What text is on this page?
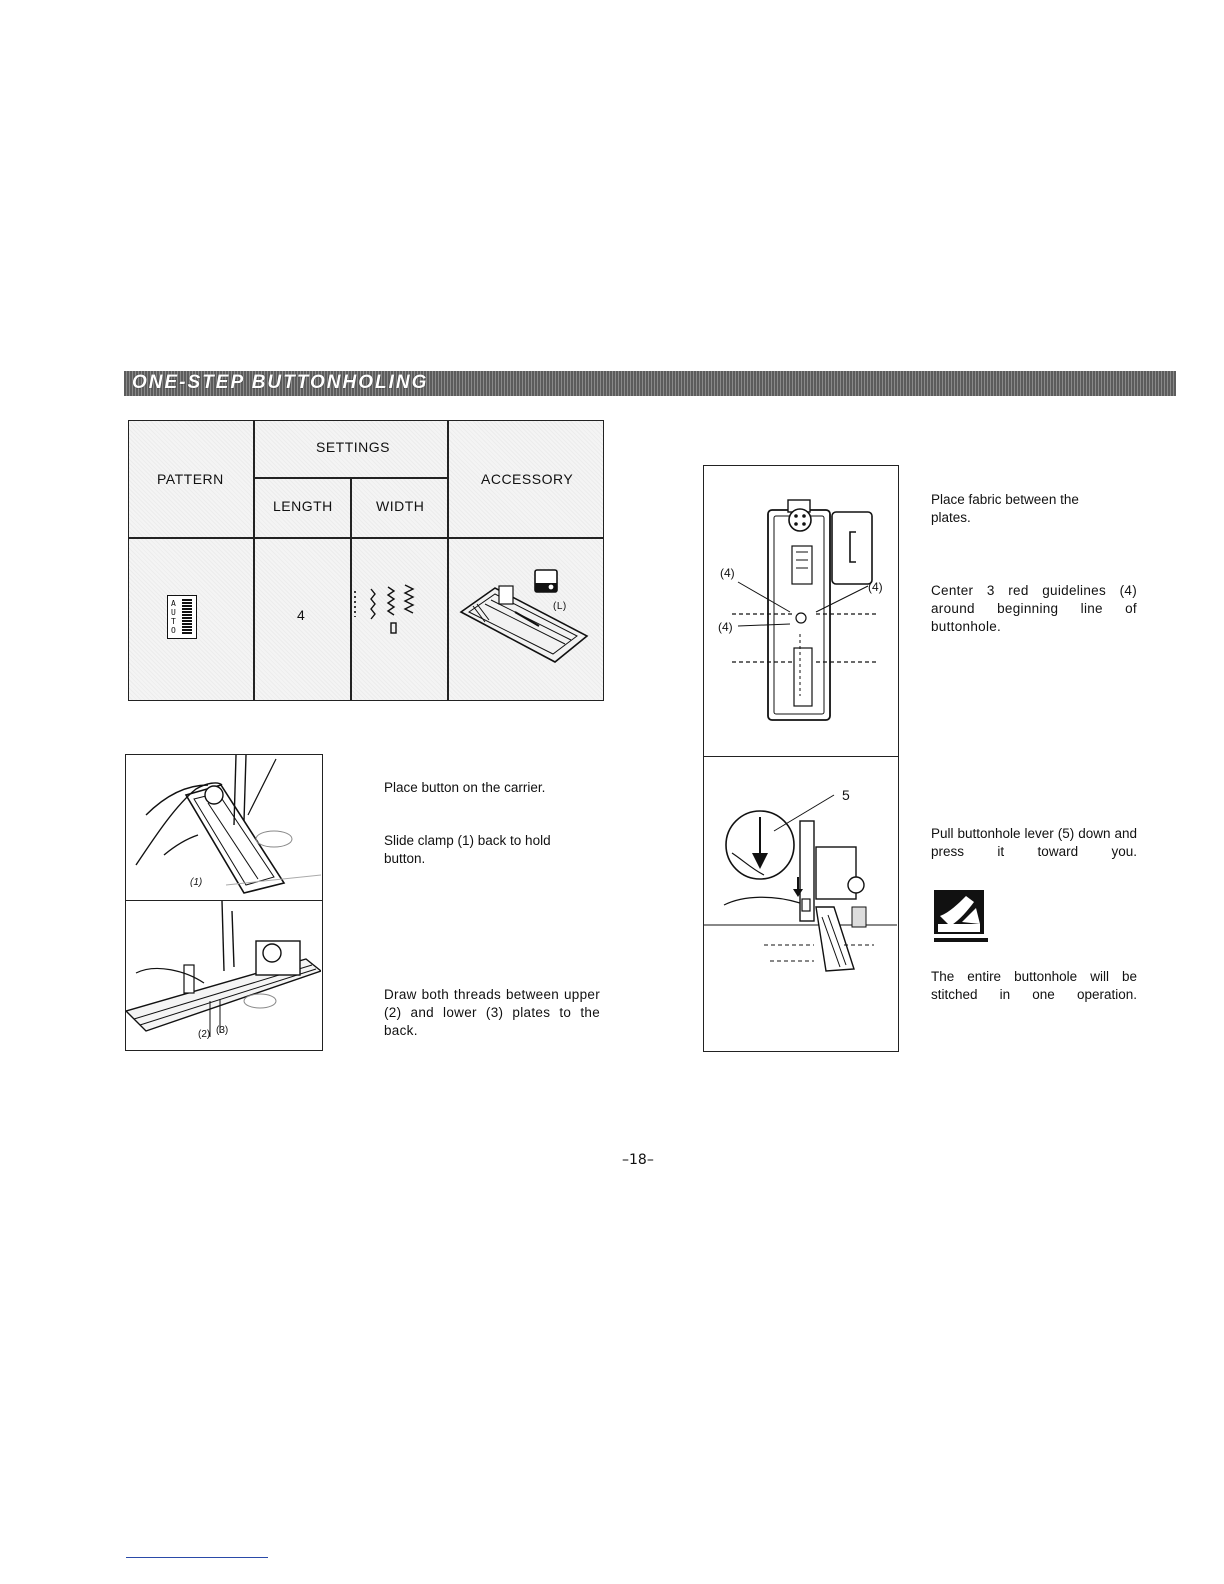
ONE-STEP BUTTONHOLING
PATTERN
SETTINGS
LENGTH	WIDTH
ACCESSORY
AUTO
4
(L)
(1)
(2) (3)
Place button on the carrier.
Slide clamp (1) back to hold button.
Draw both threads between upper (2) and lower (3) plates to the back.
(4)
(4)
(4)
5
Place fabric between the plates.
Center 3 red guidelines (4) around beginning line of buttonhole.
Pull buttonhole lever (5) down and press it toward you.
The entire buttonhole will be stitched in one operation.
–18–
